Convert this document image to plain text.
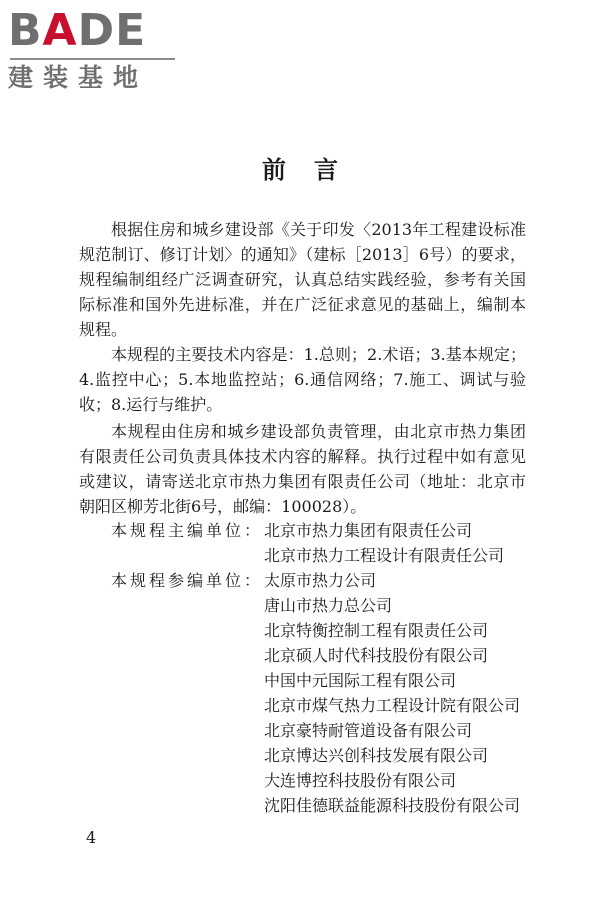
BADE
建装基地
前言

根据住房和城乡建设部《关于印发〈2013年工程建设标准规范制订、修订计划〉的通知》（建标［2013］6号）的要求，规程编制组经广泛调查研究，认真总结实践经验，参考有关国际标准和国外先进标准，并在广泛征求意见的基础上，编制本规程。

本规程的主要技术内容是：1.总则；2.术语；3.基本规定；4.监控中心；5.本地监控站；6.通信网络；7.施工、调试与验收；8.运行与维护。

本规程由住房和城乡建设部负责管理，由北京市热力集团有限责任公司负责具体技术内容的解释。执行过程中如有意见或建议，请寄送北京市热力集团有限责任公司（地址：北京市朝阳区柳芳北街6号，邮编：100028）。

本规程主编单位： 北京市热力集团有限责任公司
北京市热力工程设计有限责任公司
本规程参编单位： 太原市热力公司
唐山市热力总公司
北京特衡控制工程有限责任公司
北京硕人时代科技股份有限公司
中国中元国际工程有限公司
北京市煤气热力工程设计院有限公司
北京豪特耐管道设备有限公司
北京博达兴创科技发展有限公司
大连博控科技股份有限公司
沈阳佳德联益能源科技股份有限公司
4
